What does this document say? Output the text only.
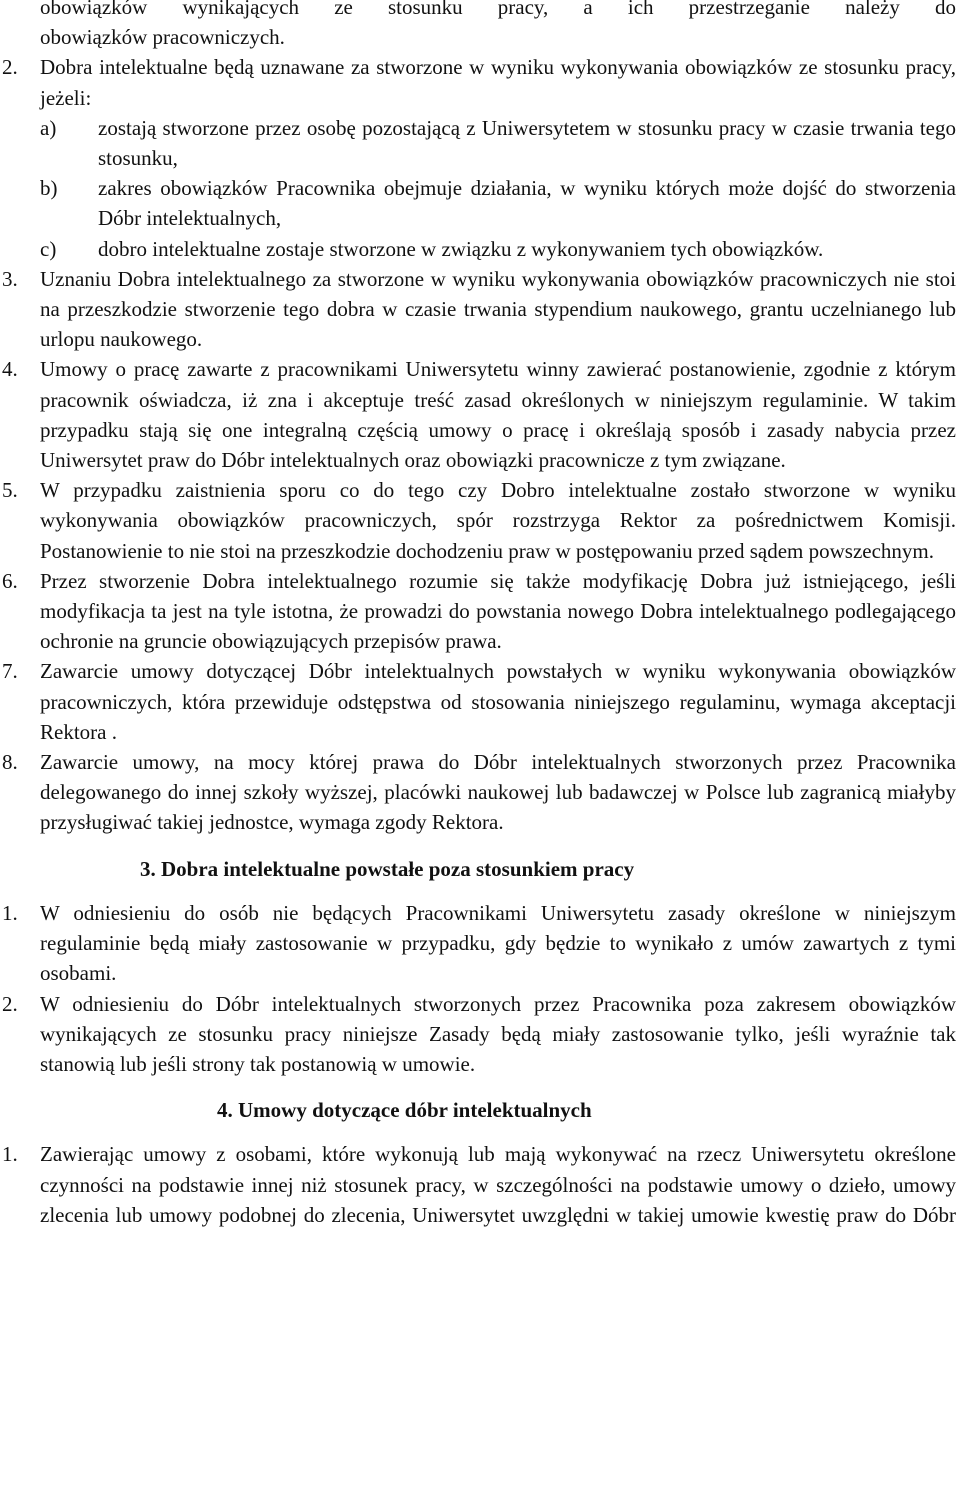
obowiązków wynikających ze stosunku pracy, a ich przestrzeganie należy do
obowiązków pracowniczych.
2.	Dobra intelektualne będą uznawane za stworzone w wyniku wykonywania obowiązków ze stosunku pracy, jeżeli:
a)	zostają stworzone przez osobę pozostającą z Uniwersytetem w stosunku pracy w czasie trwania tego stosunku,
b)	zakres obowiązków Pracownika obejmuje działania, w wyniku których może dojść do stworzenia Dóbr intelektualnych,
c)	dobro intelektualne zostaje stworzone w związku z wykonywaniem tych obowiązków.
3.	Uznaniu Dobra intelektualnego za stworzone w wyniku wykonywania obowiązków pracowniczych nie stoi na przeszkodzie stworzenie tego dobra w czasie trwania stypendium naukowego, grantu uczelnianego lub urlopu naukowego.
4.	Umowy o pracę zawarte z pracownikami Uniwersytetu winny zawierać postanowienie, zgodnie z którym pracownik oświadcza, iż zna i akceptuje treść zasad określonych w niniejszym regulaminie. W takim przypadku stają się one integralną częścią umowy o pracę i określają sposób i zasady nabycia przez Uniwersytet praw do Dóbr intelektualnych oraz obowiązki pracownicze z tym związane.
5.	W przypadku zaistnienia sporu co do tego czy Dobro intelektualne zostało stworzone w wyniku wykonywania obowiązków pracowniczych, spór rozstrzyga Rektor za pośrednictwem Komisji. Postanowienie to nie stoi na przeszkodzie dochodzeniu praw w postępowaniu przed sądem powszechnym.
6.	Przez stworzenie Dobra intelektualnego rozumie się także modyfikację Dobra już istniejącego, jeśli modyfikacja ta jest na tyle istotna, że prowadzi do powstania nowego Dobra intelektualnego podlegającego ochronie na gruncie obowiązujących przepisów prawa.
7.	Zawarcie umowy dotyczącej Dóbr intelektualnych powstałych w wyniku wykonywania obowiązków pracowniczych, która przewiduje odstępstwa od stosowania niniejszego regulaminu, wymaga akceptacji Rektora .
8.	Zawarcie umowy, na mocy której prawa do Dóbr intelektualnych stworzonych przez Pracownika delegowanego do innej szkoły wyższej, placówki naukowej lub badawczej w Polsce lub zagranicą miałyby przysługiwać takiej jednostce, wymaga zgody Rektora.
3. Dobra intelektualne powstałe poza stosunkiem pracy
1.	W odniesieniu do osób nie będących Pracownikami Uniwersytetu zasady określone w niniejszym regulaminie będą miały zastosowanie w przypadku, gdy będzie to wynikało z umów zawartych z tymi osobami.
2.	W odniesieniu do Dóbr intelektualnych stworzonych przez Pracownika poza zakresem obowiązków wynikających ze stosunku pracy niniejsze Zasady będą miały zastosowanie tylko, jeśli wyraźnie tak stanowią lub jeśli strony tak postanowią w umowie.
4. Umowy dotyczące dóbr intelektualnych
1.	Zawierając umowy z osobami, które wykonują lub mają wykonywać na rzecz Uniwersytetu określone czynności na podstawie innej niż stosunek pracy, w szczególności na podstawie umowy o dzieło, umowy zlecenia lub umowy podobnej do zlecenia, Uniwersytet uwzględni w takiej umowie kwestię praw do Dóbr
